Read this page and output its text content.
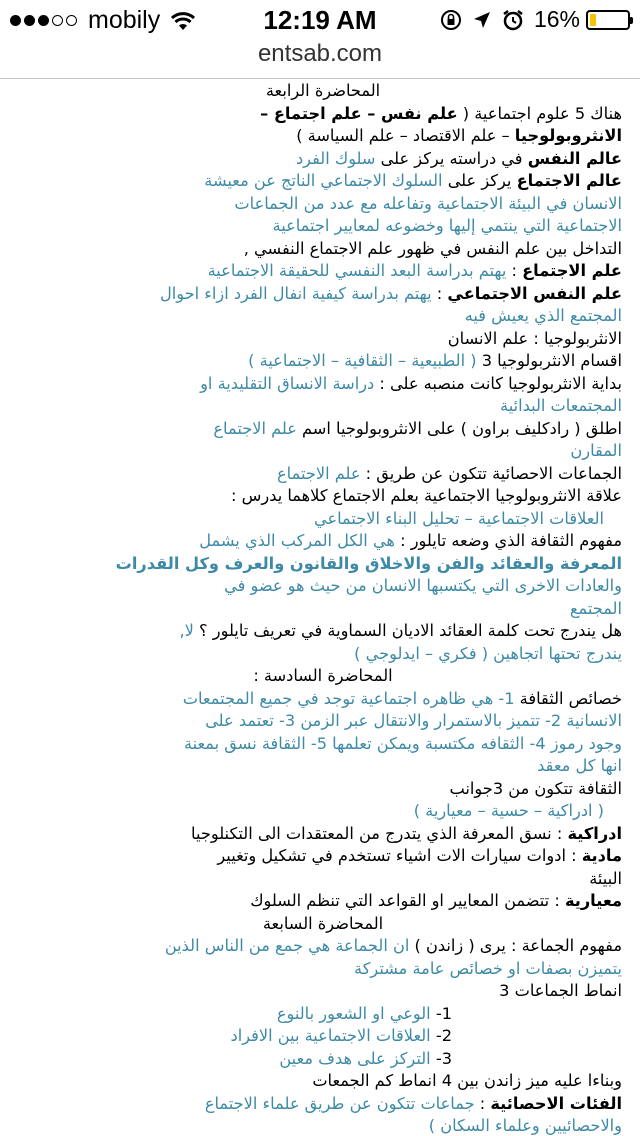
mobily	12:19 AM	16%
entsab.com

المحاضرة الرابعة

هناك 5 علوم اجتماعية ( علم نفس – علم اجتماع –

الانثروبولوجيا – علم الاقتصاد – علم السياسة )

عالم النفس في دراسته يركز على سلوك الفرد

عالم الاجتماع يركز على السلوك الاجتماعي الناتج عن معيشة

الانسان في البيئة الاجتماعية وتفاعله مع عدد من الجماعات

الاجتماعية التي ينتمي إليها وخضوعه لمعايير اجتماعية

التداخل بين علم النفس في ظهور علم الاجتماع النفسي ,

علم الاجتماع : يهتم بدراسة البعد النفسي للحقيقة الاجتماعية

علم النفس الاجتماعي : يهتم بدراسة كيفية انفال الفرد ازاء احوال

المجتمع الذي يعيش فيه

الانثربولوجيا : علم الانسان

اقسام الانثربولوجيا 3 ( الطبيعية – الثقافية – الاجتماعية )

بداية الانثربولوجيا كانت منصبه على : دراسة الانساق التقليدية او

المجتمعات البدائية

اطلق ( رادكليف براون ) على الانثروبولوجيا اسم علم الاجتماع

المقارن

الجماعات الاحصائية تتكون عن طريق : علم الاجتماع

علاقة الانثروبولوجيا الاجتماعية بعلم الاجتماع كلاهما يدرس :

العلاقات الاجتماعية – تحليل البناء الاجتماعي

مفهوم الثقافة الذي وضعه تايلور : هي الكل المركب الذي يشمل

المعرفة والعقائد والفن والاخلاق والقانون والعرف وكل القدرات

والعادات الاخرى التي يكتسبها الانسان من حيث هو عضو في

المجتمع

هل يندرج تحت كلمة العقائد الاديان السماوية في تعريف تايلور ؟ لا,

يندرج تحتها اتجاهين ( فكري – ايدلوجي )

المحاضرة السادسة :

خصائص الثقافة 1- هي ظاهره اجتماعية توجد في جميع المجتمعات

الانسانية 2- تتميز بالاستمرار والانتقال عبر الزمن 3- تعتمد على

وجود رموز 4- الثقافه مكتسبة ويمكن تعلمها 5- الثقافة نسق بمعنة

انها كل معقد

الثقافة تتكون من 3جوانب

( ادراكية – حسية – معيارية )

ادراكية : نسق المعرفة الذي يتدرج من المعتقدات الى التكنلوجيا

مادية : ادوات سيارات الات اشياء تستخدم في تشكيل وتغيير

البيئة

معيارية : تتضمن المعايير او القواعد التي تنظم السلوك

المحاضرة السابعة

مفهوم الجماعة : يرى ( زاندن ) ان الجماعة هي جمع من الناس الذين

يتميزن بصفات او خصائص عامة مشتركة

انماط الجماعات 3

1- الوعي او الشعور بالنوع

2- العلاقات الاجتماعية بين الافراد

3- التركز على هدف معين

وبناءا عليه ميز زاندن بين 4 انماط كم الجمعات

الفئات الاحصائية : جماعات تتكون عن طريق علماء الاجتماع

والاحصائيين وعلماء السكان )
